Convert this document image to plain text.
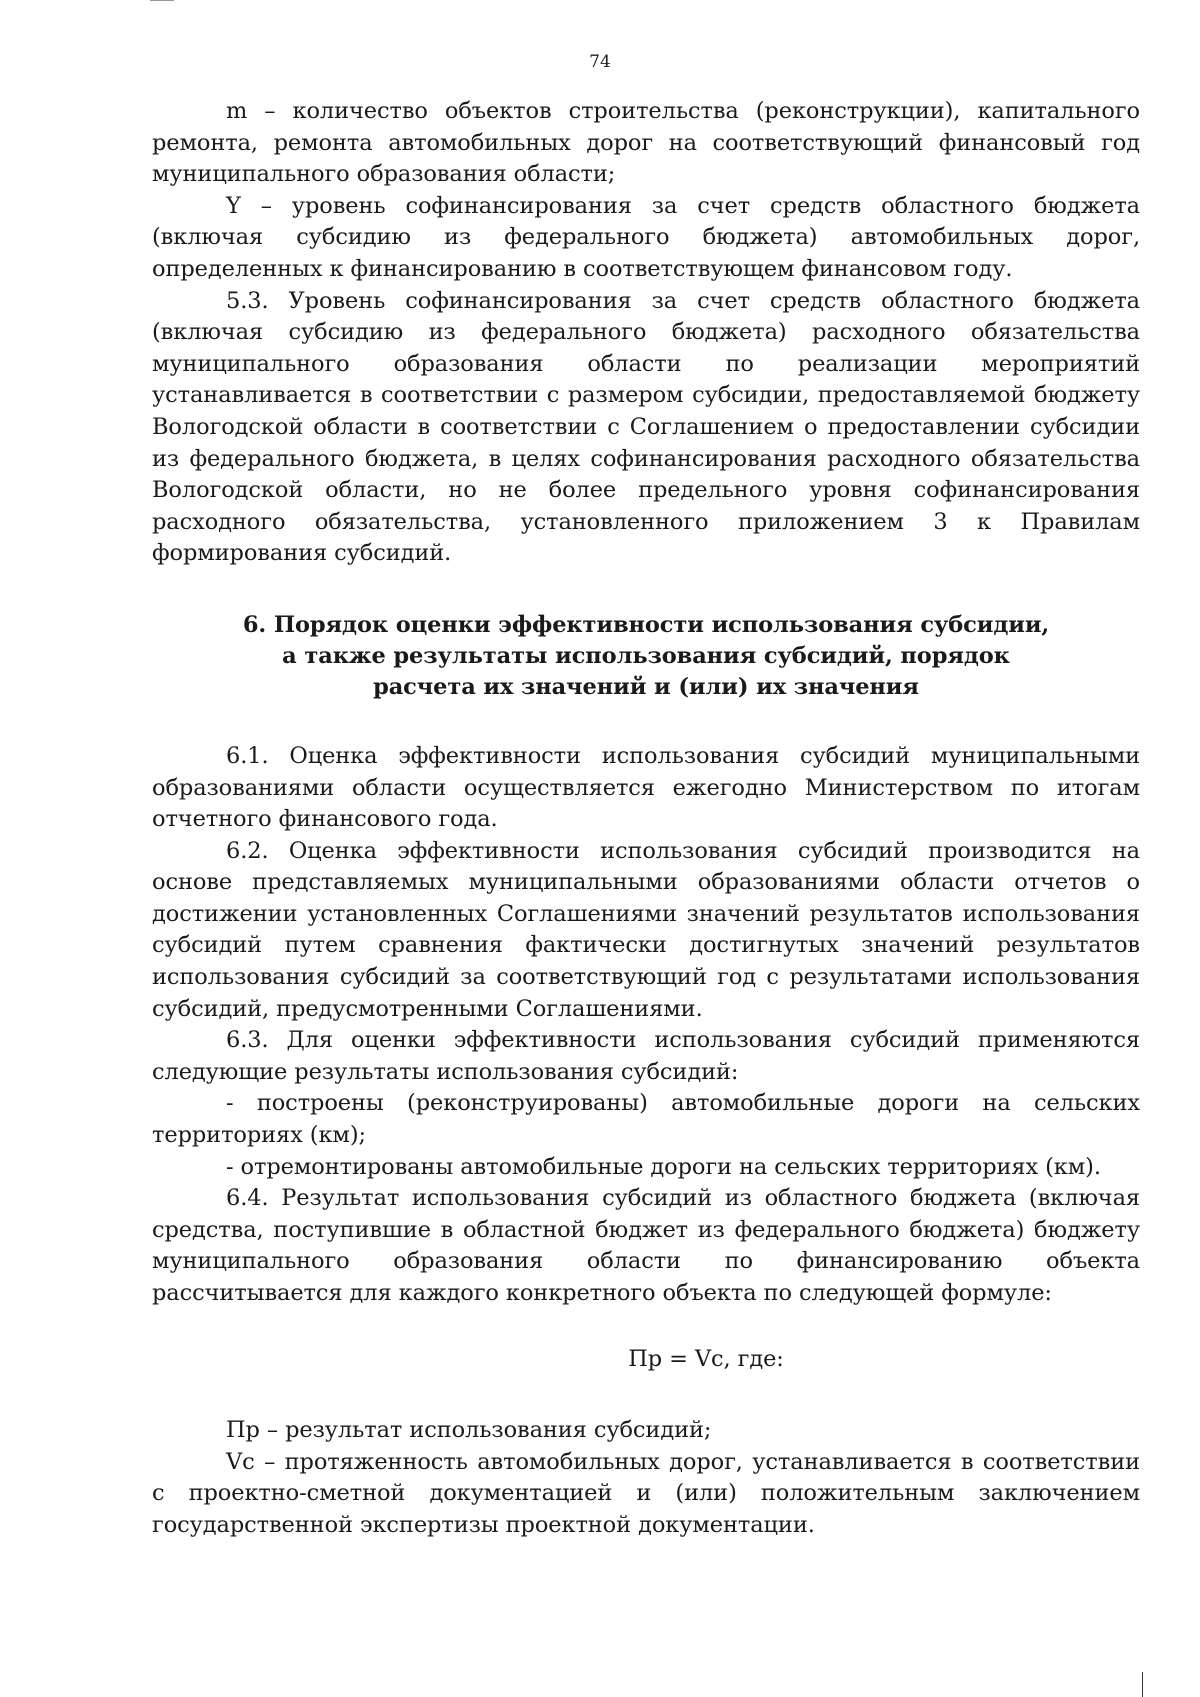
74

m – количество объектов строительства (реконструкции), капитального ремонта, ремонта автомобильных дорог на соответствующий финансовый год муниципального образования области;

Y – уровень софинансирования за счет средств областного бюджета (включая субсидию из федерального бюджета) автомобильных дорог, определенных к финансированию в соответствующем финансовом году.

5.3. Уровень софинансирования за счет средств областного бюджета (включая субсидию из федерального бюджета) расходного обязательства муниципального образования области по реализации мероприятий устанавливается в соответствии с размером субсидии, предоставляемой бюджету Вологодской области в соответствии с Соглашением о предоставлении субсидии из федерального бюджета, в целях софинансирования расходного обязательства Вологодской области, но не более предельного уровня софинансирования расходного обязательства, установленного приложением 3 к Правилам формирования субсидий.

6. Порядок оценки эффективности использования субсидии,
а также результаты использования субсидий, порядок
расчета их значений и (или) их значения

6.1. Оценка эффективности использования субсидий муниципальными образованиями области осуществляется ежегодно Министерством по итогам отчетного финансового года.

6.2. Оценка эффективности использования субсидий производится на основе представляемых муниципальными образованиями области отчетов о достижении установленных Соглашениями значений результатов использования субсидий путем сравнения фактически достигнутых значений результатов использования субсидий за соответствующий год с результатами использования субсидий, предусмотренными Соглашениями.

6.3. Для оценки эффективности использования субсидий применяются следующие результаты использования субсидий:

- построены (реконструированы) автомобильные дороги на сельских территориях (км);

- отремонтированы автомобильные дороги на сельских территориях (км).

6.4. Результат использования субсидий из областного бюджета (включая средства, поступившие в областной бюджет из федерального бюджета) бюджету муниципального образования области по финансированию объекта рассчитывается для каждого конкретного объекта по следующей формуле:

Пр = Vc, где:

Пр – результат использования субсидий;

Vc – протяженность автомобильных дорог, устанавливается в соответствии с проектно-сметной документацией и (или) положительным заключением государственной экспертизы проектной документации.
